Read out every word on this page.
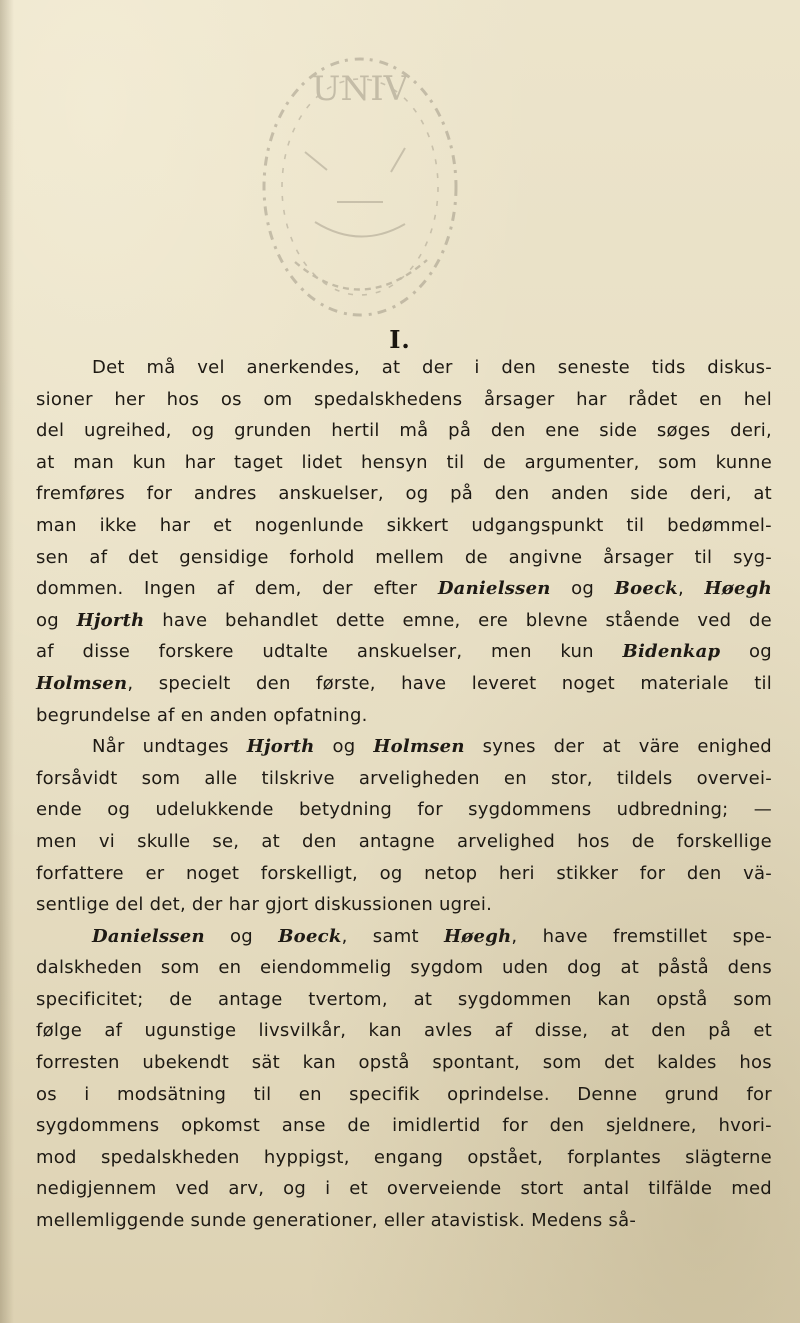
UNIV
I.
Det må vel anerkendes, at der i den seneste tids diskus-
sioner her hos os om spedalskhedens årsager har rådet en hel
del ugreihed, og grunden hertil må på den ene side søges deri,
at man kun har taget lidet hensyn til de argumenter, som kunne
fremføres for andres anskuelser, og på den anden side deri, at
man ikke har et nogenlunde sikkert udgangspunkt til bedømmel-
sen af det gensidige forhold mellem de angivne årsager til syg-
dommen. Ingen af dem, der efter Danielssen og Boeck, Høegh
og Hjorth have behandlet dette emne, ere blevne stående ved de
af disse forskere udtalte anskuelser, men kun Bidenkap og
Holmsen, specielt den første, have leveret noget materiale til
begrundelse af en anden opfatning.
Når undtages Hjorth og Holmsen synes der at väre enighed
forsåvidt som alle tilskrive arveligheden en stor, tildels overvei-
ende og udelukkende betydning for sygdommens udbredning; —
men vi skulle se, at den antagne arvelighed hos de forskellige
forfattere er noget forskelligt, og netop heri stikker for den vä-
sentlige del det, der har gjort diskussionen ugrei.
Danielssen og Boeck, samt Høegh, have fremstillet spe-
dalskheden som en eiendommelig sygdom uden dog at påstå dens
specificitet; de antage tvertom, at sygdommen kan opstå som
følge af ugunstige livsvilkår, kan avles af disse, at den på et
forresten ubekendt sät kan opstå spontant, som det kaldes hos
os i modsätning til en specifik oprindelse. Denne grund for
sygdommens opkomst anse de imidlertid for den sjeldnere, hvori-
mod spedalskheden hyppigst, engang opstået, forplantes slägterne
nedigjennem ved arv, og i et overveiende stort antal tilfälde med
mellemliggende sunde generationer, eller atavistisk. Medens så-
